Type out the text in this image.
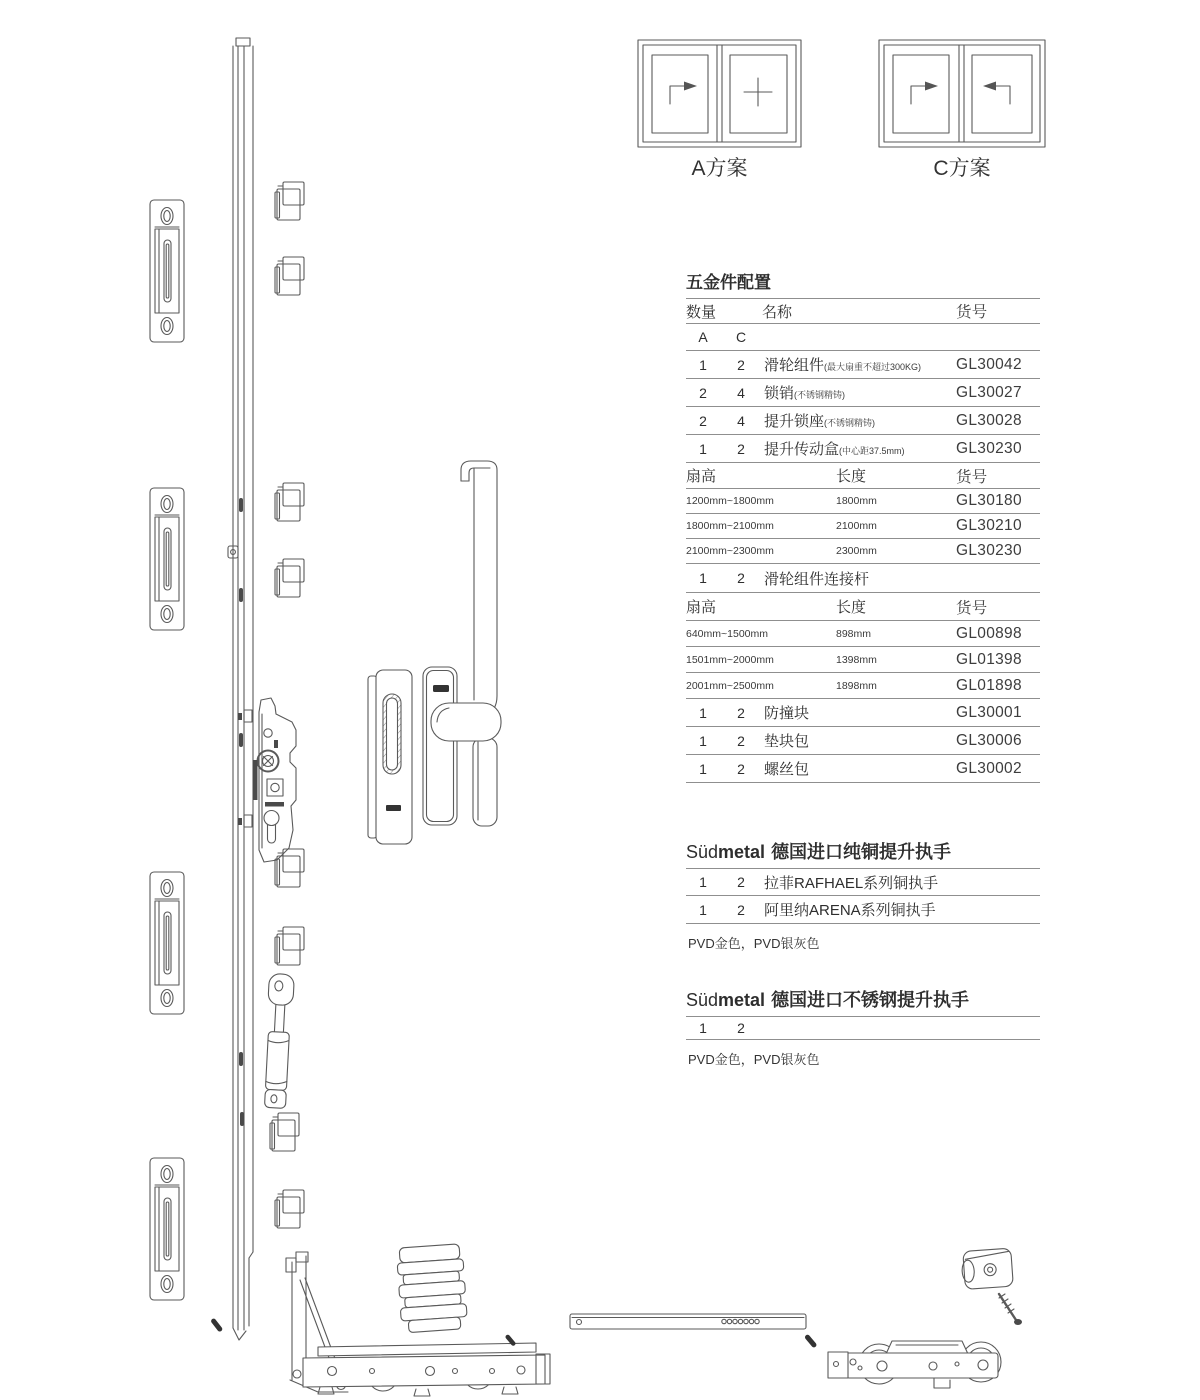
A方案	C方案
五金件配置
数量	名称	货号
A	C
1	2	滑轮组件(最大扇重不超过300KG)	GL30042
2	4	锁销(不锈钢精铸)	GL30027
2	4	提升锁座(不锈钢精铸)	GL30028
1	2	提升传动盒(中心距37.5mm)	GL30230
扇高	长度	货号
1200mm~1800mm	1800mm	GL30180
1800mm~2100mm	2100mm	GL30210
2100mm~2300mm	2300mm	GL30230
1	2	滑轮组件连接杆
扇高	长度	货号
640mm~1500mm	898mm	GL00898
1501mm~2000mm	1398mm	GL01398
2001mm~2500mm	1898mm	GL01898
1	2	防撞块	GL30001
1	2	垫块包	GL30006
1	2	螺丝包	GL30002
Südmetal 德国进口纯铜提升执手
1	2	拉菲RAFHAEL系列铜执手
1	2	阿里纳ARENA系列铜执手
PVD金色，PVD银灰色
Südmetal 德国进口不锈钢提升执手
1	2
PVD金色，PVD银灰色
